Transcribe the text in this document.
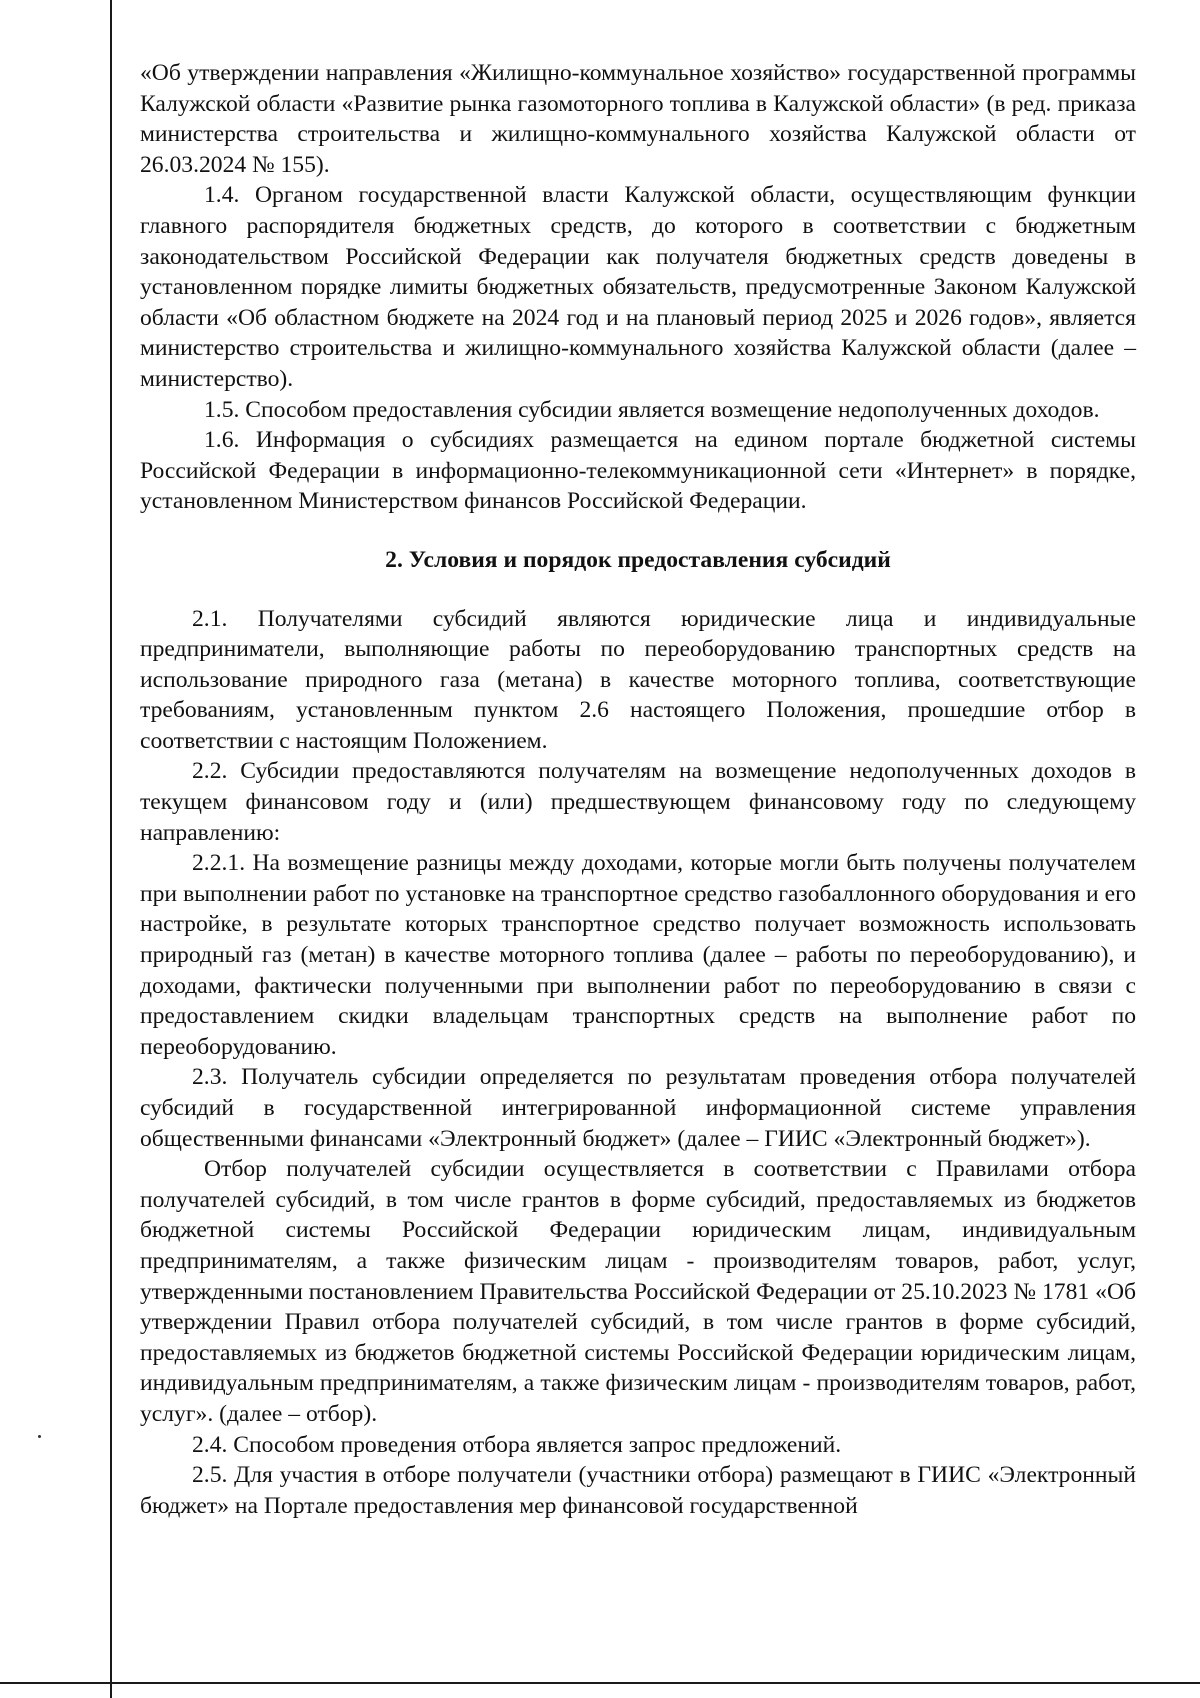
«Об утверждении направления «Жилищно-коммунальное хозяйство» государственной программы Калужской области «Развитие рынка газомоторного топлива в Калужской области» (в ред. приказа министерства строительства и жилищно-коммунального хозяйства Калужской области от 26.03.2024 № 155).

1.4. Органом государственной власти Калужской области, осуществляющим функции главного распорядителя бюджетных средств, до которого в соответствии с бюджетным законодательством Российской Федерации как получателя бюджетных средств доведены в установленном порядке лимиты бюджетных обязательств, предусмотренные Законом Калужской области «Об областном бюджете на 2024 год и на плановый период 2025 и 2026 годов», является министерство строительства и жилищно-коммунального хозяйства Калужской области (далее – министерство).

1.5. Способом предоставления субсидии является возмещение недополученных доходов.

1.6. Информация о субсидиях размещается на едином портале бюджетной системы Российской Федерации в информационно-телекоммуникационной сети «Интернет» в порядке, установленном Министерством финансов Российской Федерации.

2. Условия и порядок предоставления субсидий

2.1. Получателями субсидий являются юридические лица и индивидуальные предприниматели, выполняющие работы по переоборудованию транспортных средств на использование природного газа (метана) в качестве моторного топлива, соответствующие требованиям, установленным пунктом 2.6 настоящего Положения, прошедшие отбор в соответствии с настоящим Положением.

2.2. Субсидии предоставляются получателям на возмещение недополученных доходов в текущем финансовом году и (или) предшествующем финансовому году по следующему направлению:

2.2.1. На возмещение разницы между доходами, которые могли быть получены получателем при выполнении работ по установке на транспортное средство газобаллонного оборудования и его настройке, в результате которых транспортное средство получает возможность использовать природный газ (метан) в качестве моторного топлива (далее – работы по переоборудованию), и доходами, фактически полученными при выполнении работ по переоборудованию в связи с предоставлением скидки владельцам транспортных средств на выполнение работ по переоборудованию.

2.3. Получатель субсидии определяется по результатам проведения отбора получателей субсидий в государственной интегрированной информационной системе управления общественными финансами «Электронный бюджет» (далее – ГИИС «Электронный бюджет»).

Отбор получателей субсидии осуществляется в соответствии с Правилами отбора получателей субсидий, в том числе грантов в форме субсидий, предоставляемых из бюджетов бюджетной системы Российской Федерации юридическим лицам, индивидуальным предпринимателям, а также физическим лицам - производителям товаров, работ, услуг, утвержденными постановлением Правительства Российской Федерации от 25.10.2023 № 1781 «Об утверждении Правил отбора получателей субсидий, в том числе грантов в форме субсидий, предоставляемых из бюджетов бюджетной системы Российской Федерации юридическим лицам, индивидуальным предпринимателям, а также физическим лицам - производителям товаров, работ, услуг». (далее – отбор).

2.4. Способом проведения отбора является запрос предложений.

2.5. Для участия в отборе получатели (участники отбора) размещают в ГИИС «Электронный бюджет» на Портале предоставления мер финансовой государственной
